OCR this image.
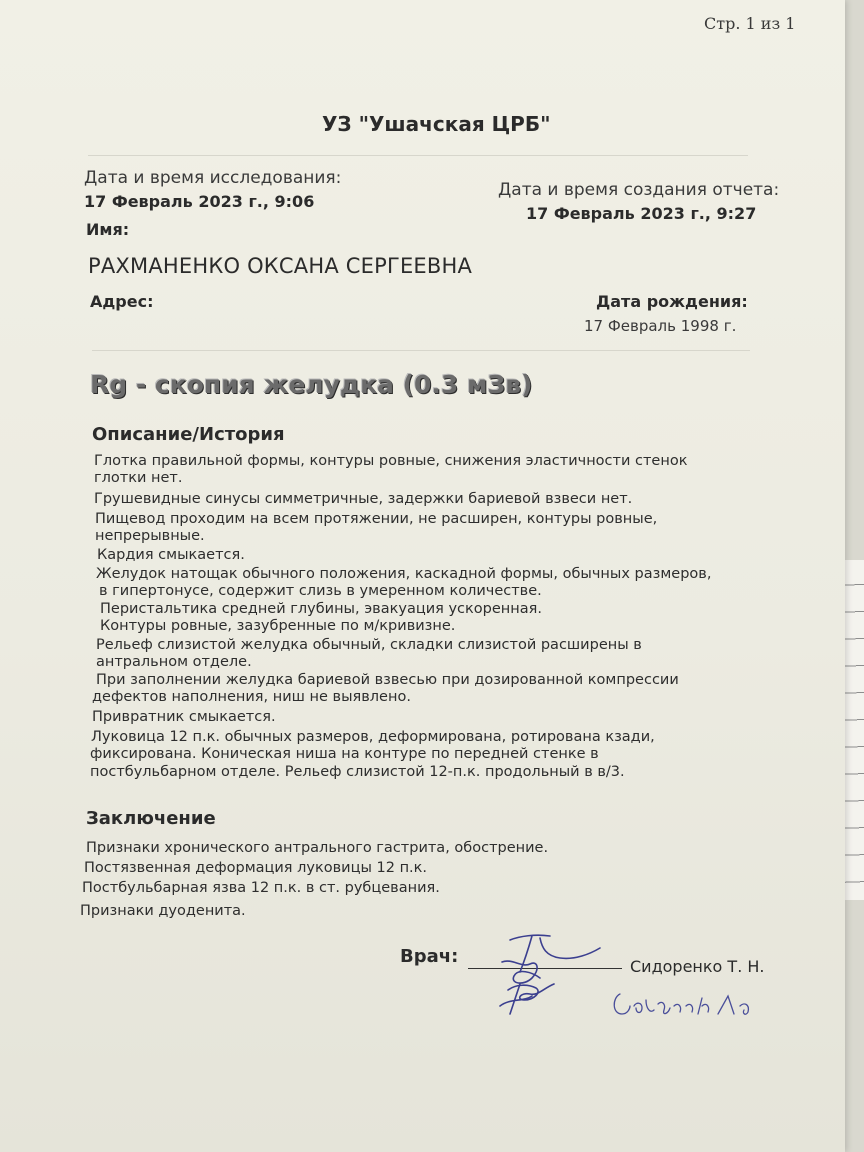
Стр. 1 из 1
УЗ "Ушачская ЦРБ"
Дата и время исследования:
17 Февраль 2023 г., 9:06
Дата и время создания отчета:
17 Февраль 2023 г., 9:27
Имя:
РАХМАНЕНКО ОКСАНА СЕРГЕЕВНА
Адрес:	Дата рождения:
17 Февраль 1998 г.
Rg - скопия желудка (0.3 мЗв)
Описание/История
Глотка правильной формы, контуры ровные, снижения эластичности стенок
глотки нет.
Грушевидные синусы симметричные, задержки бариевой взвеси нет.
Пищевод проходим на всем протяжении, не расширен, контуры ровные,
непрерывные.
Кардия смыкается.
Желудок натощак обычного положения, каскадной формы, обычных размеров,
в гипертонусе, содержит слизь в умеренном количестве.
Перистальтика средней глубины, эвакуация ускоренная.
Контуры ровные, зазубренные по м/кривизне.
Рельеф слизистой желудка обычный, складки слизистой расширены в
антральном отделе.
При заполнении желудка бариевой взвесью при дозированной компрессии
дефектов наполнения, ниш не выявлено.
Привратник смыкается.
Луковица 12 п.к. обычных размеров, деформирована, ротирована кзади,
фиксирована. Коническая ниша на контуре по передней стенке в
постбульбарном отделе. Рельеф слизистой 12-п.к. продольный в в/3.
Заключение
Признаки хронического антрального гастрита, обострение.
Постязвенная деформация луковицы 12 п.к.
Постбульбарная язва 12 п.к. в ст. рубцевания.
Признаки дуоденита.
Врач:	Сидоренко Т. Н.
